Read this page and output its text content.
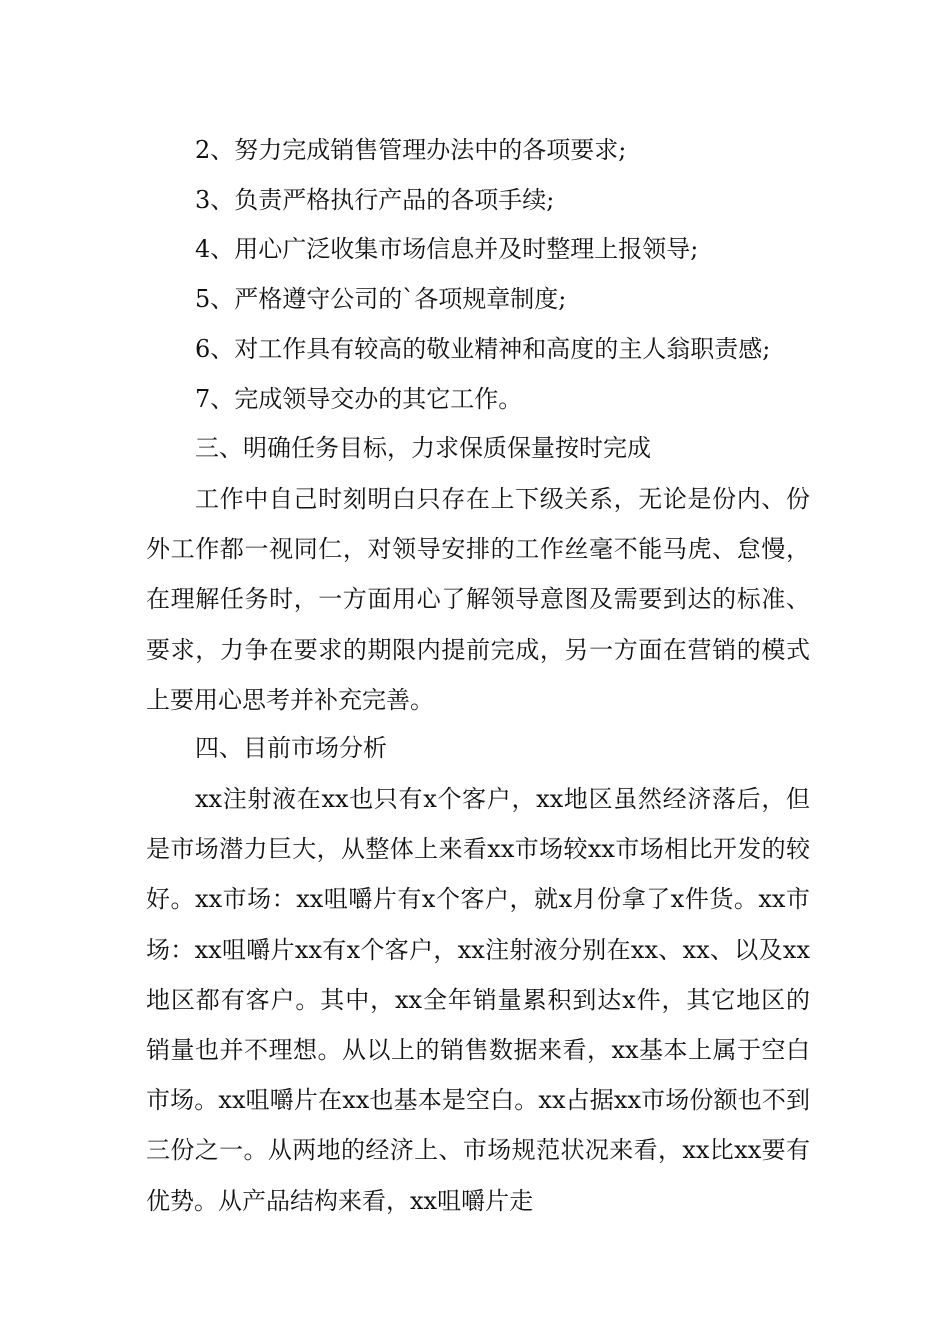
2、努力完成销售管理办法中的各项要求;
3、负责严格执行产品的各项手续;
4、用心广泛收集市场信息并及时整理上报领导;
5、严格遵守公司的`各项规章制度;
6、对工作具有较高的敬业精神和高度的主人翁职责感;
7、完成领导交办的其它工作。
三、明确任务目标，力求保质保量按时完成
工作中自己时刻明白只存在上下级关系，无论是份内、份外工作都一视同仁，对领导安排的工作丝毫不能马虎、怠慢，在理解任务时，一方面用心了解领导意图及需要到达的标准、要求，力争在要求的期限内提前完成，另一方面在营销的模式上要用心思考并补充完善。
四、目前市场分析
xx注射液在xx也只有x个客户，xx地区虽然经济落后，但是市场潜力巨大，从整体上来看xx市场较xx市场相比开发的较好。xx市场：xx咀嚼片有x个客户，就x月份拿了x件货。xx市场：xx咀嚼片xx有x个客户，xx注射液分别在xx、xx、以及xx地区都有客户。其中，xx全年销量累积到达x件，其它地区的销量也并不理想。从以上的销售数据来看，xx基本上属于空白市场。xx咀嚼片在xx也基本是空白。xx占据xx市场份额也不到三份之一。从两地的经济上、市场规范状况来看，xx比xx要有优势。从产品结构来看，xx咀嚼片走
